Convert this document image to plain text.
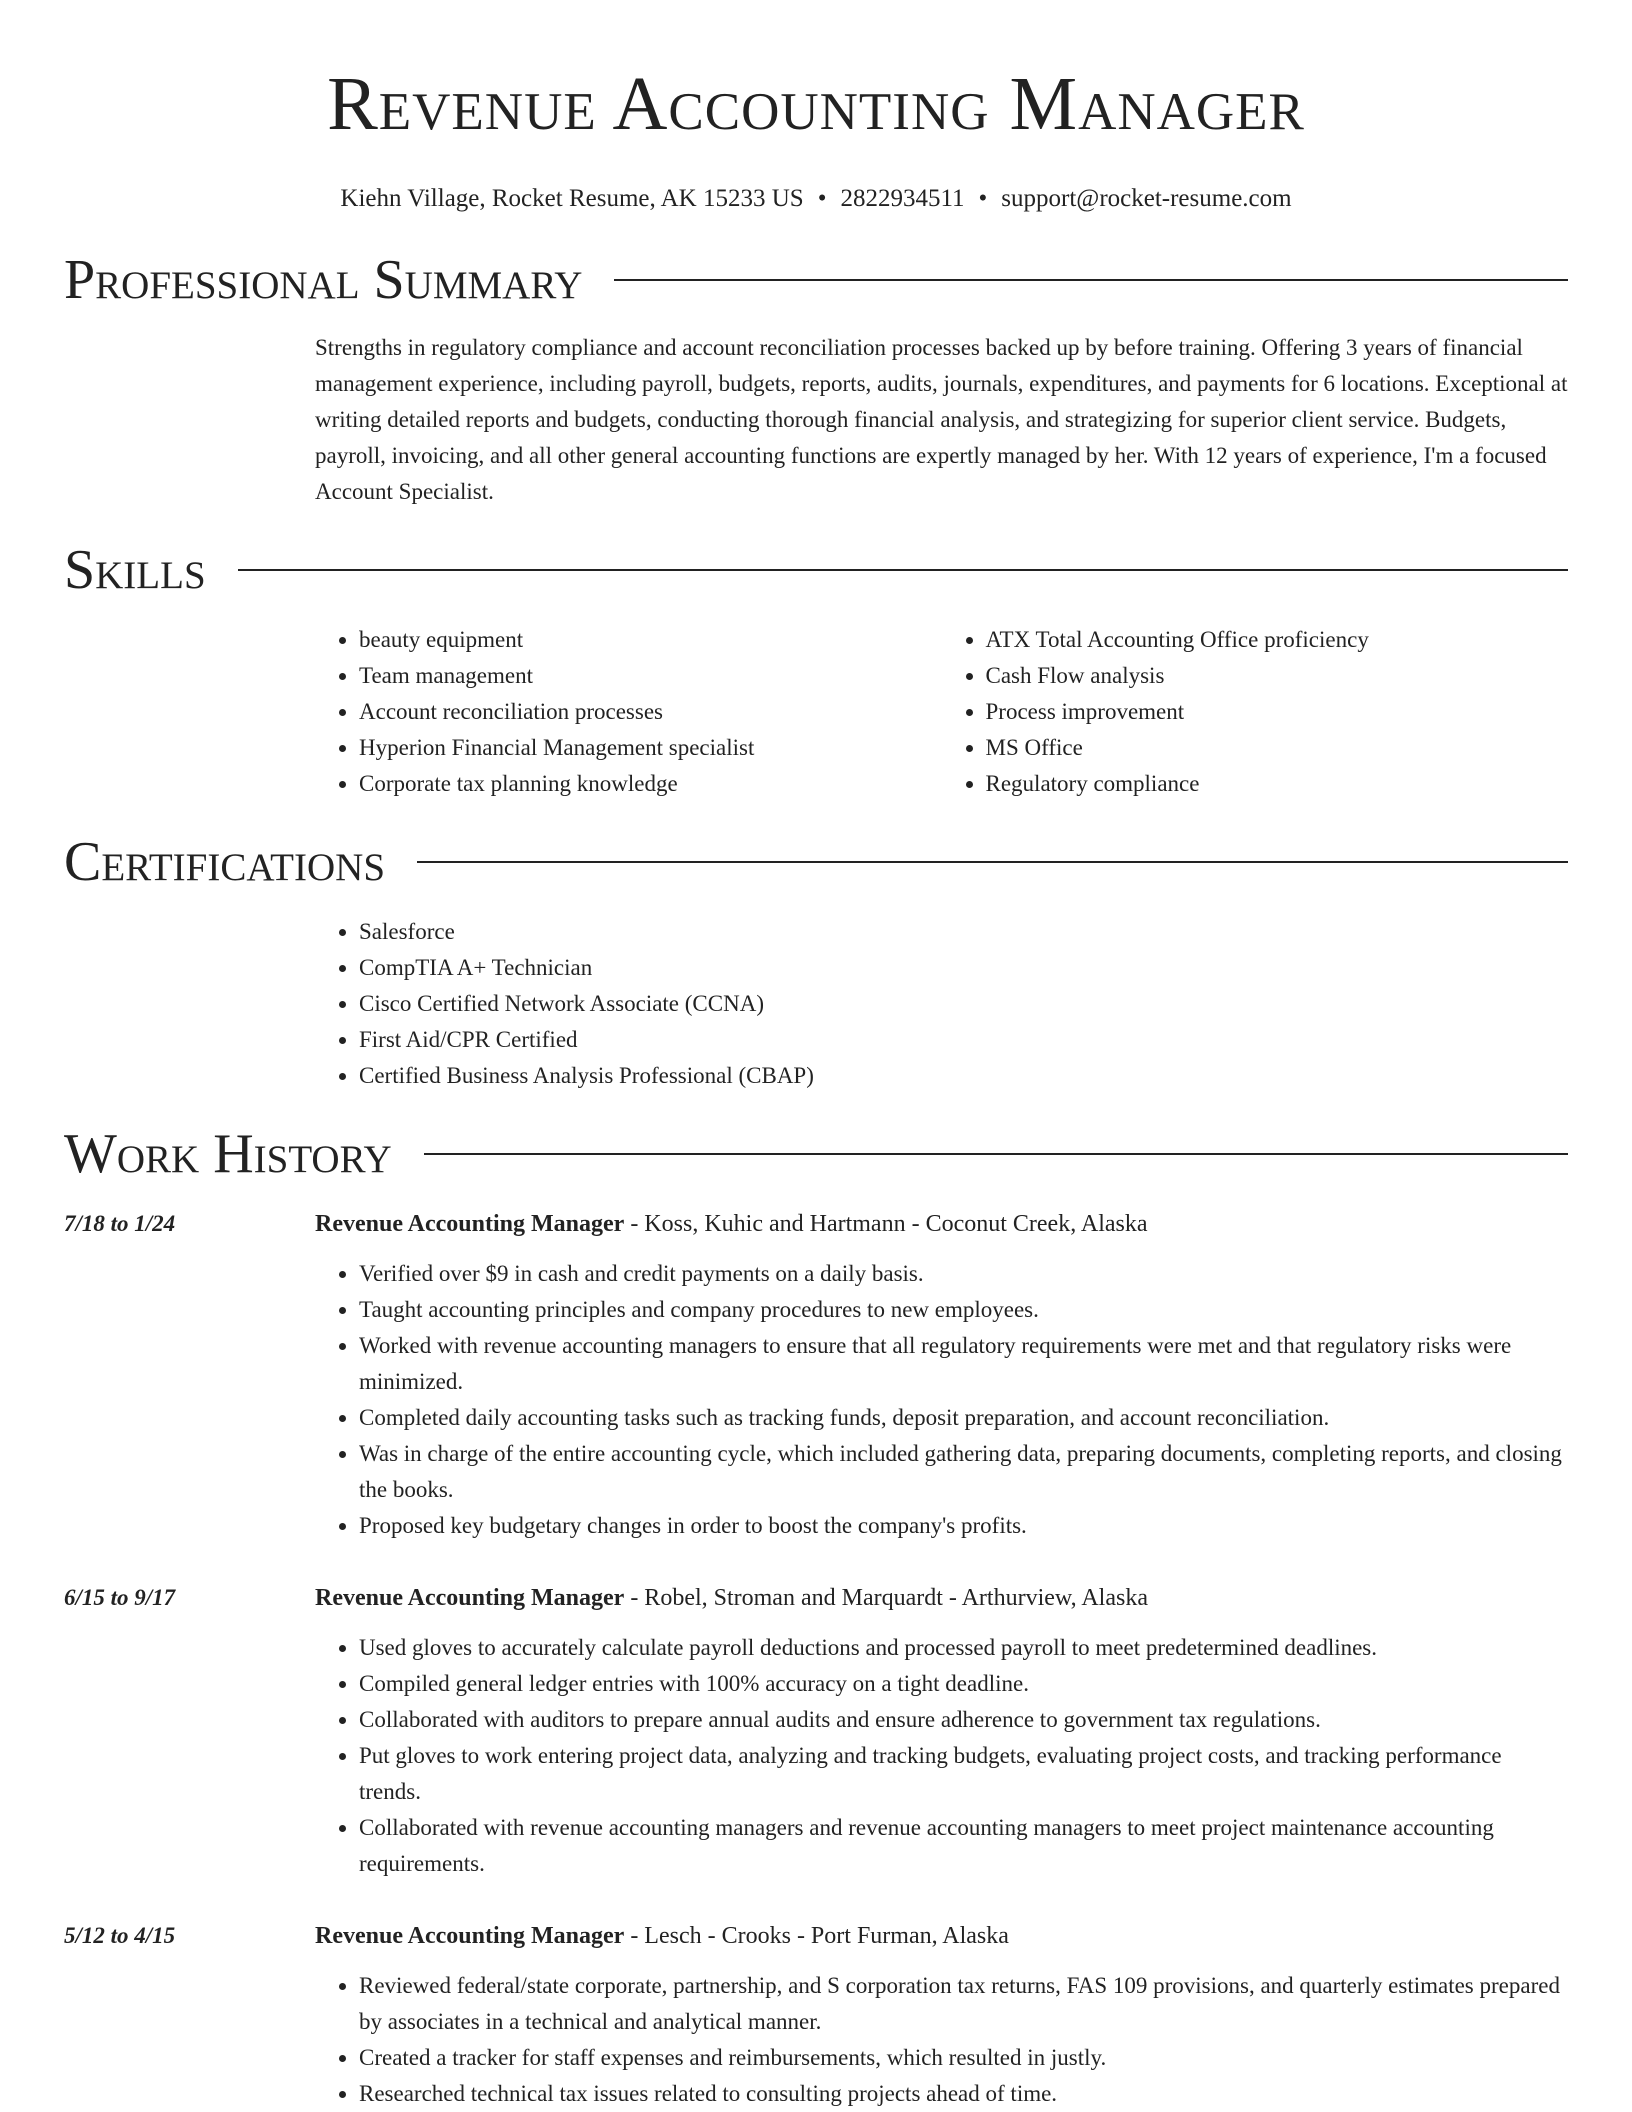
Revenue Accounting Manager
Kiehn Village, Rocket Resume, AK 15233 US • 2822934511 • support@rocket-resume.com
Professional Summary
Strengths in regulatory compliance and account reconciliation processes backed up by before training. Offering 3 years of financial management experience, including payroll, budgets, reports, audits, journals, expenditures, and payments for 6 locations. Exceptional at writing detailed reports and budgets, conducting thorough financial analysis, and strategizing for superior client service. Budgets, payroll, invoicing, and all other general accounting functions are expertly managed by her. With 12 years of experience, I'm a focused Account Specialist.
Skills
• beauty equipment
• Team management
• Account reconciliation processes
• Hyperion Financial Management specialist
• Corporate tax planning knowledge
• ATX Total Accounting Office proficiency
• Cash Flow analysis
• Process improvement
• MS Office
• Regulatory compliance
Certifications
• Salesforce
• CompTIA A+ Technician
• Cisco Certified Network Associate (CCNA)
• First Aid/CPR Certified
• Certified Business Analysis Professional (CBAP)
Work History
7/18 to 1/24	Revenue Accounting Manager - Koss, Kuhic and Hartmann - Coconut Creek, Alaska
• Verified over $9 in cash and credit payments on a daily basis.
• Taught accounting principles and company procedures to new employees.
• Worked with revenue accounting managers to ensure that all regulatory requirements were met and that regulatory risks were minimized.
• Completed daily accounting tasks such as tracking funds, deposit preparation, and account reconciliation.
• Was in charge of the entire accounting cycle, which included gathering data, preparing documents, completing reports, and closing the books.
• Proposed key budgetary changes in order to boost the company's profits.
6/15 to 9/17	Revenue Accounting Manager - Robel, Stroman and Marquardt - Arthurview, Alaska
• Used gloves to accurately calculate payroll deductions and processed payroll to meet predetermined deadlines.
• Compiled general ledger entries with 100% accuracy on a tight deadline.
• Collaborated with auditors to prepare annual audits and ensure adherence to government tax regulations.
• Put gloves to work entering project data, analyzing and tracking budgets, evaluating project costs, and tracking performance trends.
• Collaborated with revenue accounting managers and revenue accounting managers to meet project maintenance accounting requirements.
5/12 to 4/15	Revenue Accounting Manager - Lesch - Crooks - Port Furman, Alaska
• Reviewed federal/state corporate, partnership, and S corporation tax returns, FAS 109 provisions, and quarterly estimates prepared by associates in a technical and analytical manner.
• Created a tracker for staff expenses and reimbursements, which resulted in justly.
• Researched technical tax issues related to consulting projects ahead of time.
